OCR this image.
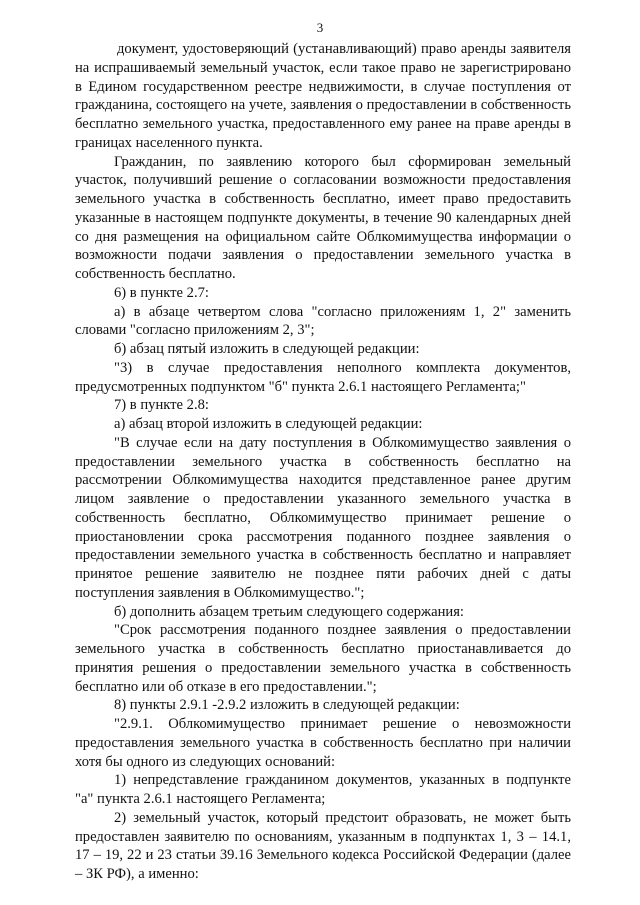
3

документ, удостоверяющий (устанавливающий) право аренды заявителя на испрашиваемый земельный участок, если такое право не зарегистрировано в Едином государственном реестре недвижимости, в случае поступления от гражданина, состоящего на учете, заявления о предоставлении в собственность бесплатно земельного участка, предоставленного ему ранее на праве аренды в границах населенного пункта.

Гражданин, по заявлению которого был сформирован земельный участок, получивший решение о согласовании возможности предоставления земельного участка в собственность бесплатно, имеет право предоставить указанные в настоящем подпункте документы, в течение 90 календарных дней со дня размещения на официальном сайте Облкомимущества информации о возможности подачи заявления о предоставлении земельного участка в собственность бесплатно.

6) в пункте 2.7:

а) в абзаце четвертом слова "согласно приложениям 1, 2" заменить словами "согласно приложениям 2, 3";

б) абзац пятый изложить в следующей редакции:

"3) в случае предоставления неполного комплекта документов, предусмотренных подпунктом "б" пункта 2.6.1 настоящего Регламента;"

7) в пункте 2.8:

а) абзац второй изложить в следующей редакции:

"В случае если на дату поступления в Облкомимущество заявления о предоставлении земельного участка в собственность бесплатно на рассмотрении Облкомимущества находится представленное ранее другим лицом заявление о предоставлении указанного земельного участка в собственность бесплатно, Облкомимущество принимает решение о приостановлении срока рассмотрения поданного позднее заявления о предоставлении земельного участка в собственность бесплатно и направляет принятое решение заявителю не позднее пяти рабочих дней с даты поступления заявления в Облкомимущество.";

б) дополнить абзацем третьим следующего содержания:

"Срок рассмотрения поданного позднее заявления о предоставлении земельного участка в собственность бесплатно приостанавливается до принятия решения о предоставлении земельного участка в собственность бесплатно или об отказе в его предоставлении.";

8) пункты 2.9.1 -2.9.2 изложить в следующей редакции:

"2.9.1. Облкомимущество принимает решение о невозможности предоставления земельного участка в собственность бесплатно при наличии хотя бы одного из следующих оснований:

1) непредставление гражданином документов, указанных в подпункте "а" пункта 2.6.1 настоящего Регламента;

2) земельный участок, который предстоит образовать, не может быть предоставлен заявителю по основаниям, указанным в подпунктах 1, 3 – 14.1, 17 – 19, 22 и 23 статьи 39.16 Земельного кодекса Российской Федерации (далее – ЗК РФ), а именно:
